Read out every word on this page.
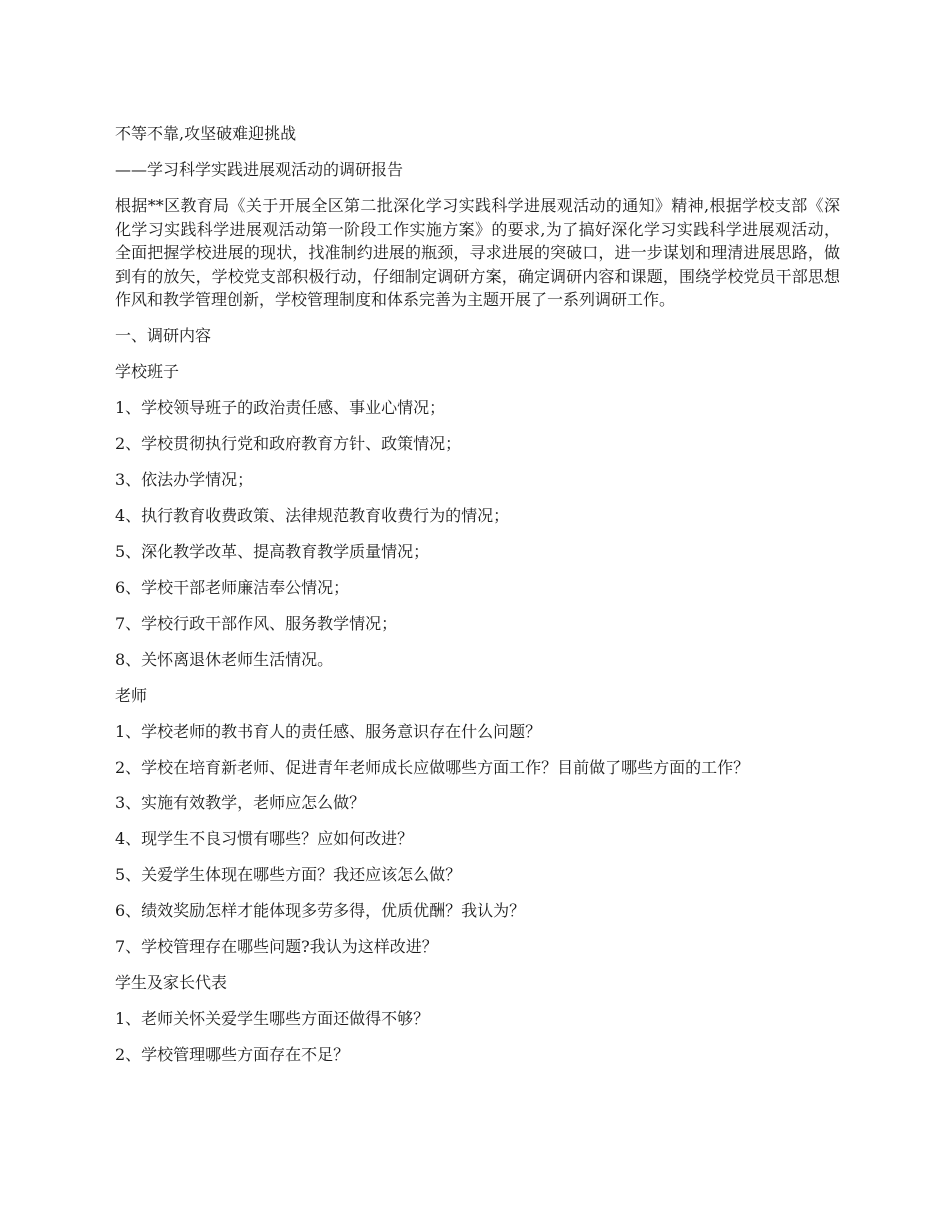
不等不靠,攻坚破难迎挑战

——学习科学实践进展观活动的调研报告

根据**区教育局《关于开展全区第二批深化学习实践科学进展观活动的通知》精神,根据学校支部《深化学习实践科学进展观活动第一阶段工作实施方案》的要求,为了搞好深化学习实践科学进展观活动，全面把握学校进展的现状，找准制约进展的瓶颈，寻求进展的突破口，进一步谋划和理清进展思路，做到有的放矢，学校党支部积极行动，仔细制定调研方案，确定调研内容和课题，围绕学校党员干部思想作风和教学管理创新，学校管理制度和体系完善为主题开展了一系列调研工作。

一、调研内容

学校班子

1、学校领导班子的政治责任感、事业心情况；

2、学校贯彻执行党和政府教育方针、政策情况；

3、依法办学情况；

4、执行教育收费政策、法律规范教育收费行为的情况；

5、深化教学改革、提高教育教学质量情况；

6、学校干部老师廉洁奉公情况；

7、学校行政干部作风、服务教学情况；

8、关怀离退休老师生活情况。

老师

1、学校老师的教书育人的责任感、服务意识存在什么问题？

2、学校在培育新老师、促进青年老师成长应做哪些方面工作？目前做了哪些方面的工作？

3、实施有效教学，老师应怎么做？

4、现学生不良习惯有哪些？应如何改进？

5、关爱学生体现在哪些方面？我还应该怎么做？

6、绩效奖励怎样才能体现多劳多得，优质优酬？我认为？

7、学校管理存在哪些问题?我认为这样改进？

学生及家长代表

1、老师关怀关爱学生哪些方面还做得不够？

2、学校管理哪些方面存在不足？
